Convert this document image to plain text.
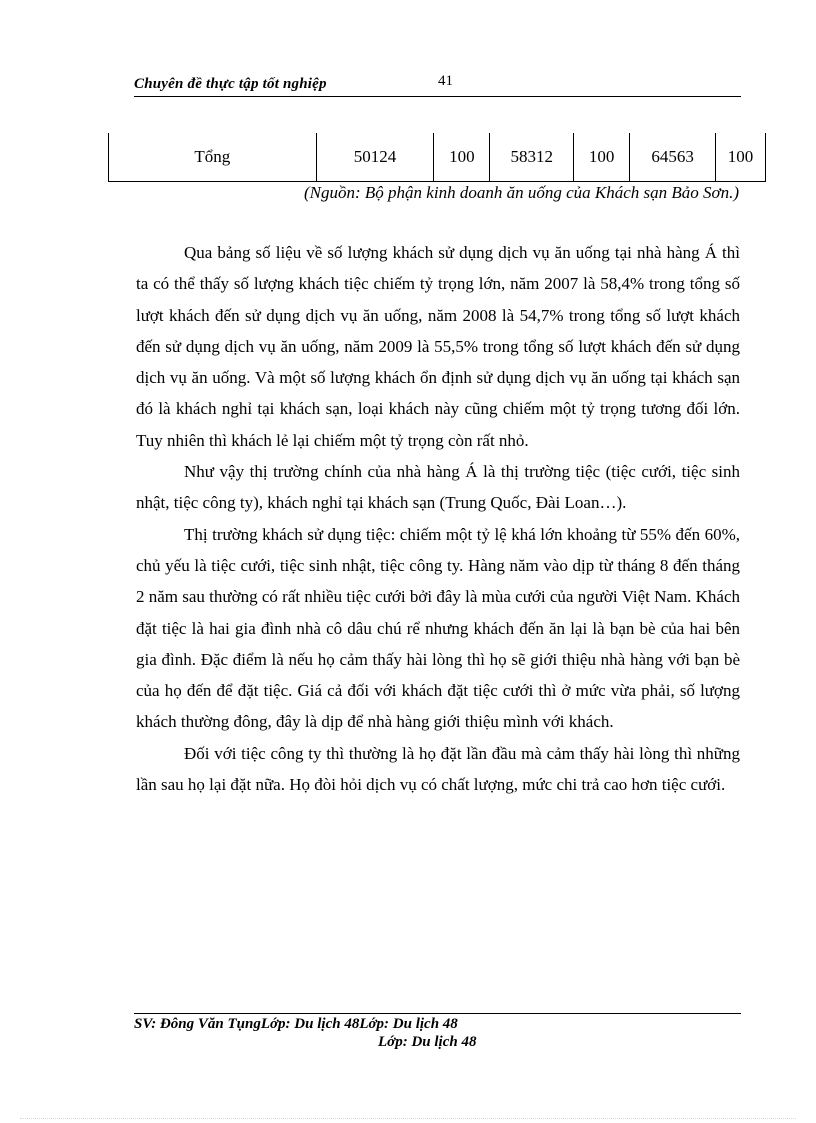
Chuyên đề thực tập tốt nghiệp	41
Tổng	50124	100	58312	100	64563	100
(Nguồn: Bộ phận kinh doanh ăn uống của Khách sạn Bảo Sơn.)

Qua bảng số liệu về số lượng khách sử dụng dịch vụ ăn uống tại nhà hàng Á thì ta có thể thấy số lượng khách tiệc chiếm tỷ trọng lớn, năm 2007 là 58,4% trong tổng số lượt khách đến sử dụng dịch vụ ăn uống, năm 2008 là 54,7% trong tổng số lượt khách đến sử dụng dịch vụ ăn uống, năm 2009 là 55,5% trong tổng số lượt khách đến sử dụng dịch vụ ăn uống. Và một số lượng khách ổn định sử dụng dịch vụ ăn uống tại khách sạn đó là khách nghỉ tại khách sạn, loại khách này cũng chiếm một tỷ trọng tương đối lớn. Tuy nhiên thì khách lẻ lại chiếm một tỷ trọng còn rất nhỏ.

Như vậy thị trường chính của nhà hàng Á là thị trường tiệc (tiệc cưới, tiệc sinh nhật, tiệc công ty), khách nghỉ tại khách sạn (Trung Quốc, Đài Loan…).

Thị trường khách sử dụng tiệc: chiếm một tỷ lệ khá lớn khoảng từ 55% đến 60%, chủ yếu là tiệc cưới, tiệc sinh nhật, tiệc công ty. Hàng năm vào dịp từ tháng 8 đến tháng 2 năm sau thường có rất nhiều tiệc cưới bởi đây là mùa cưới của người Việt Nam. Khách đặt tiệc là hai gia đình nhà cô dâu chú rể nhưng khách đến ăn lại là bạn bè của hai bên gia đình. Đặc điểm là nếu họ cảm thấy hài lòng thì họ sẽ giới thiệu nhà hàng với bạn bè của họ đến để đặt tiệc. Giá cả đối với khách đặt tiệc cưới thì ở mức vừa phải, số lượng khách thường đông, đây là dịp để nhà hàng giới thiệu mình với khách.

Đối với tiệc công ty thì thường là họ đặt lần đầu mà cảm thấy hài lòng thì những lần sau họ lại đặt nữa. Họ đòi hỏi dịch vụ có chất lượng, mức chi trả cao hơn tiệc cưới.

SV: Đông Văn TụngLớp: Du lịch 48Lớp: Du lịch 48
Lớp: Du lịch 48
